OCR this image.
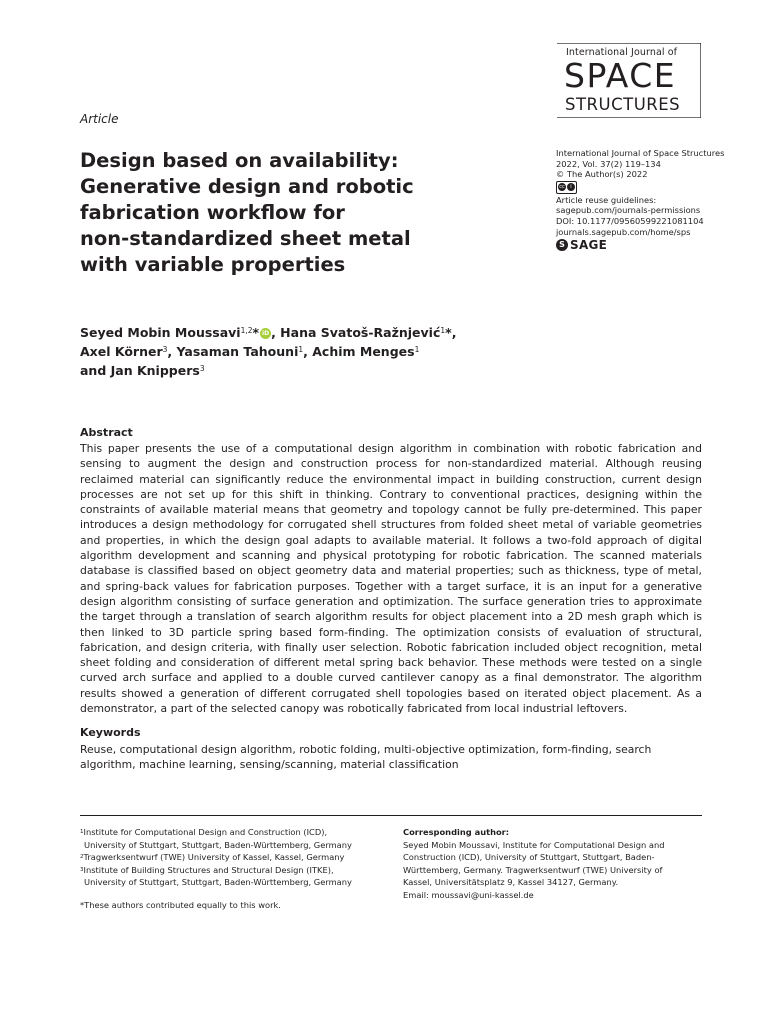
International Journal of
SPACE
STRUCTURES
Article
Design based on availability:
Generative design and robotic
fabrication workflow for
non-standardized sheet metal
with variable properties
International Journal of Space Structures
2022, Vol. 37(2) 119–134
© The Author(s) 2022
cc	i
Article reuse guidelines:
sagepub.com/journals-permissions
DOI: 10.1177/09560599221081104
journals.sagepub.com/home/sps
S SAGE
Seyed Mobin Moussavi$^{1,2}$* iD , Hana Svatoš-Ražnjević$^1$*,
Axel Körner$^3$, Yasaman Tahouni$^1$, Achim Menges$^1$
and Jan Knippers$^3$
Abstract

This paper presents the use of a computational design algorithm in combination with robotic fabrication and sensing to augment the design and construction process for non-standardized material. Although reusing reclaimed material can significantly reduce the environmental impact in building construction, current design processes are not set up for this shift in thinking. Contrary to conventional practices, designing within the constraints of available material means that geometry and topology cannot be fully pre-determined. This paper introduces a design methodology for corrugated shell structures from folded sheet metal of variable geometries and properties, in which the design goal adapts to available material. It follows a two-fold approach of digital algorithm development and scanning and physical prototyping for robotic fabrication. The scanned materials database is classified based on object geometry data and material properties; such as thickness, type of metal, and spring-back values for fabrication purposes. Together with a target surface, it is an input for a generative design algorithm consisting of surface generation and optimization. The surface generation tries to approximate the target through a translation of search algorithm results for object placement into a 2D mesh graph which is then linked to 3D particle spring based form-finding. The optimization consists of evaluation of structural, fabrication, and design criteria, with finally user selection. Robotic fabrication included object recognition, metal sheet folding and consideration of different metal spring back behavior. These methods were tested on a single curved arch surface and applied to a double curved cantilever canopy as a final demonstrator. The algorithm results showed a generation of different corrugated shell topologies based on iterated object placement. As a demonstrator, a part of the selected canopy was robotically fabricated from local industrial leftovers.

Keywords

Reuse, computational design algorithm, robotic folding, multi-objective optimization, form-finding, search algorithm, machine learning, sensing/scanning, material classification

$^1$Institute for Computational Design and Construction (ICD),
University of Stuttgart, Stuttgart, Baden-Württemberg, Germany
$^2$Tragwerksentwurf (TWE) University of Kassel, Kassel, Germany
$^3$Institute of Building Structures and Structural Design (ITKE),
University of Stuttgart, Stuttgart, Baden-Württemberg, Germany
*These authors contributed equally to this work.
Corresponding author:
Seyed Mobin Moussavi, Institute for Computational Design and
Construction (ICD), University of Stuttgart, Stuttgart, Baden-
Württemberg, Germany. Tragwerksentwurf (TWE) University of
Kassel, Universitätsplatz 9, Kassel 34127, Germany.
Email: moussavi@uni-kassel.de
